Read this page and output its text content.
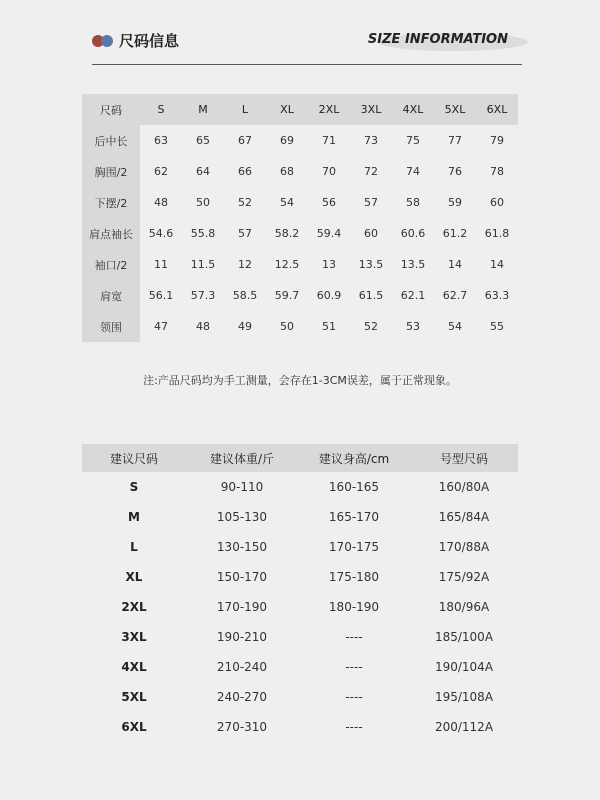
尺码信息	SIZE INFORMATION
尺码	S	M	L	XL	2XL	3XL	4XL	5XL	6XL
后中长	63	65	67	69	71	73	75	77	79
胸围/2	62	64	66	68	70	72	74	76	78
下摆/2	48	50	52	54	56	57	58	59	60
肩点袖长	54.6	55.8	57	58.2	59.4	60	60.6	61.2	61.8
袖口/2	11	11.5	12	12.5	13	13.5	13.5	14	14
肩宽	56.1	57.3	58.5	59.7	60.9	61.5	62.1	62.7	63.3
领围	47	48	49	50	51	52	53	54	55
注:产品尺码均为手工测量，会存在1-3CM误差，属于正常现象。
建议尺码	建议体重/斤	建议身高/cm	号型尺码
S	90-110	160-165	160/80A
M	105-130	165-170	165/84A
L	130-150	170-175	170/88A
XL	150-170	175-180	175/92A
2XL	170-190	180-190	180/96A
3XL	190-210	----	185/100A
4XL	210-240	----	190/104A
5XL	240-270	----	195/108A
6XL	270-310	----	200/112A
